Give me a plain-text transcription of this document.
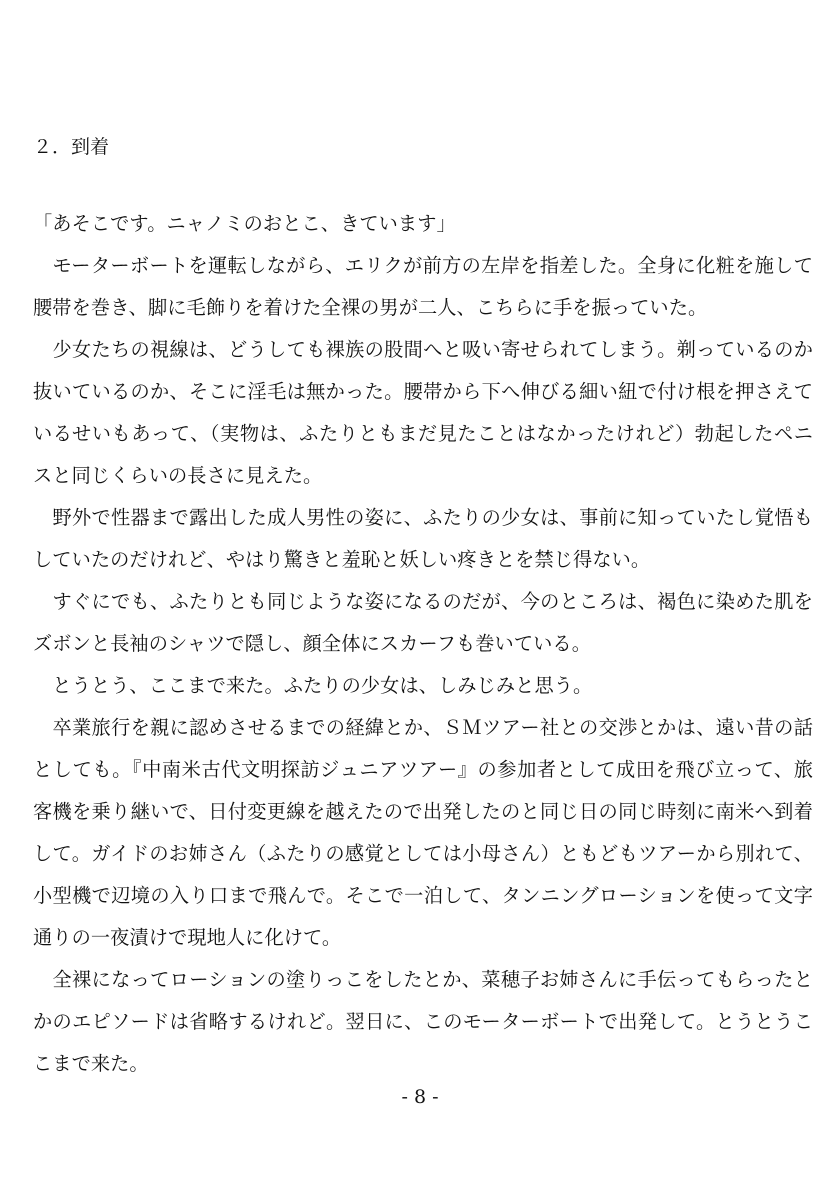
２．到着
「あそこです。ニャノミのおとこ、きています」
　モーターボートを運転しながら、エリクが前方の左岸を指差した。全身に化粧を施して
腰帯を巻き、脚に毛飾りを着けた全裸の男が二人、こちらに手を振っていた。
　少女たちの視線は、どうしても裸族の股間へと吸い寄せられてしまう。剃っているのか
抜いているのか、そこに淫毛は無かった。腰帯から下へ伸びる細い紐で付け根を押さえて
いるせいもあって、（実物は、ふたりともまだ見たことはなかったけれど）勃起したペニ
スと同じくらいの長さに見えた。
　野外で性器まで露出した成人男性の姿に、ふたりの少女は、事前に知っていたし覚悟も
していたのだけれど、やはり驚きと羞恥と妖しい疼きとを禁じ得ない。
　すぐにでも、ふたりとも同じような姿になるのだが、今のところは、褐色に染めた肌を
ズボンと長袖のシャツで隠し、顔全体にスカーフも巻いている。
　とうとう、ここまで来た。ふたりの少女は、しみじみと思う。
　卒業旅行を親に認めさせるまでの経緯とか、ＳＭツアー社との交渉とかは、遠い昔の話
としても。『中南米古代文明探訪ジュニアツアー』の参加者として成田を飛び立って、旅
客機を乗り継いで、日付変更線を越えたので出発したのと同じ日の同じ時刻に南米へ到着
して。ガイドのお姉さん（ふたりの感覚としては小母さん）ともどもツアーから別れて、
小型機で辺境の入り口まで飛んで。そこで一泊して、タンニングローションを使って文字
通りの一夜漬けで現地人に化けて。
　全裸になってローションの塗りっこをしたとか、菜穂子お姉さんに手伝ってもらったと
かのエピソードは省略するけれど。翌日に、このモーターボートで出発して。とうとうこ
こまで来た。
- 8 -
